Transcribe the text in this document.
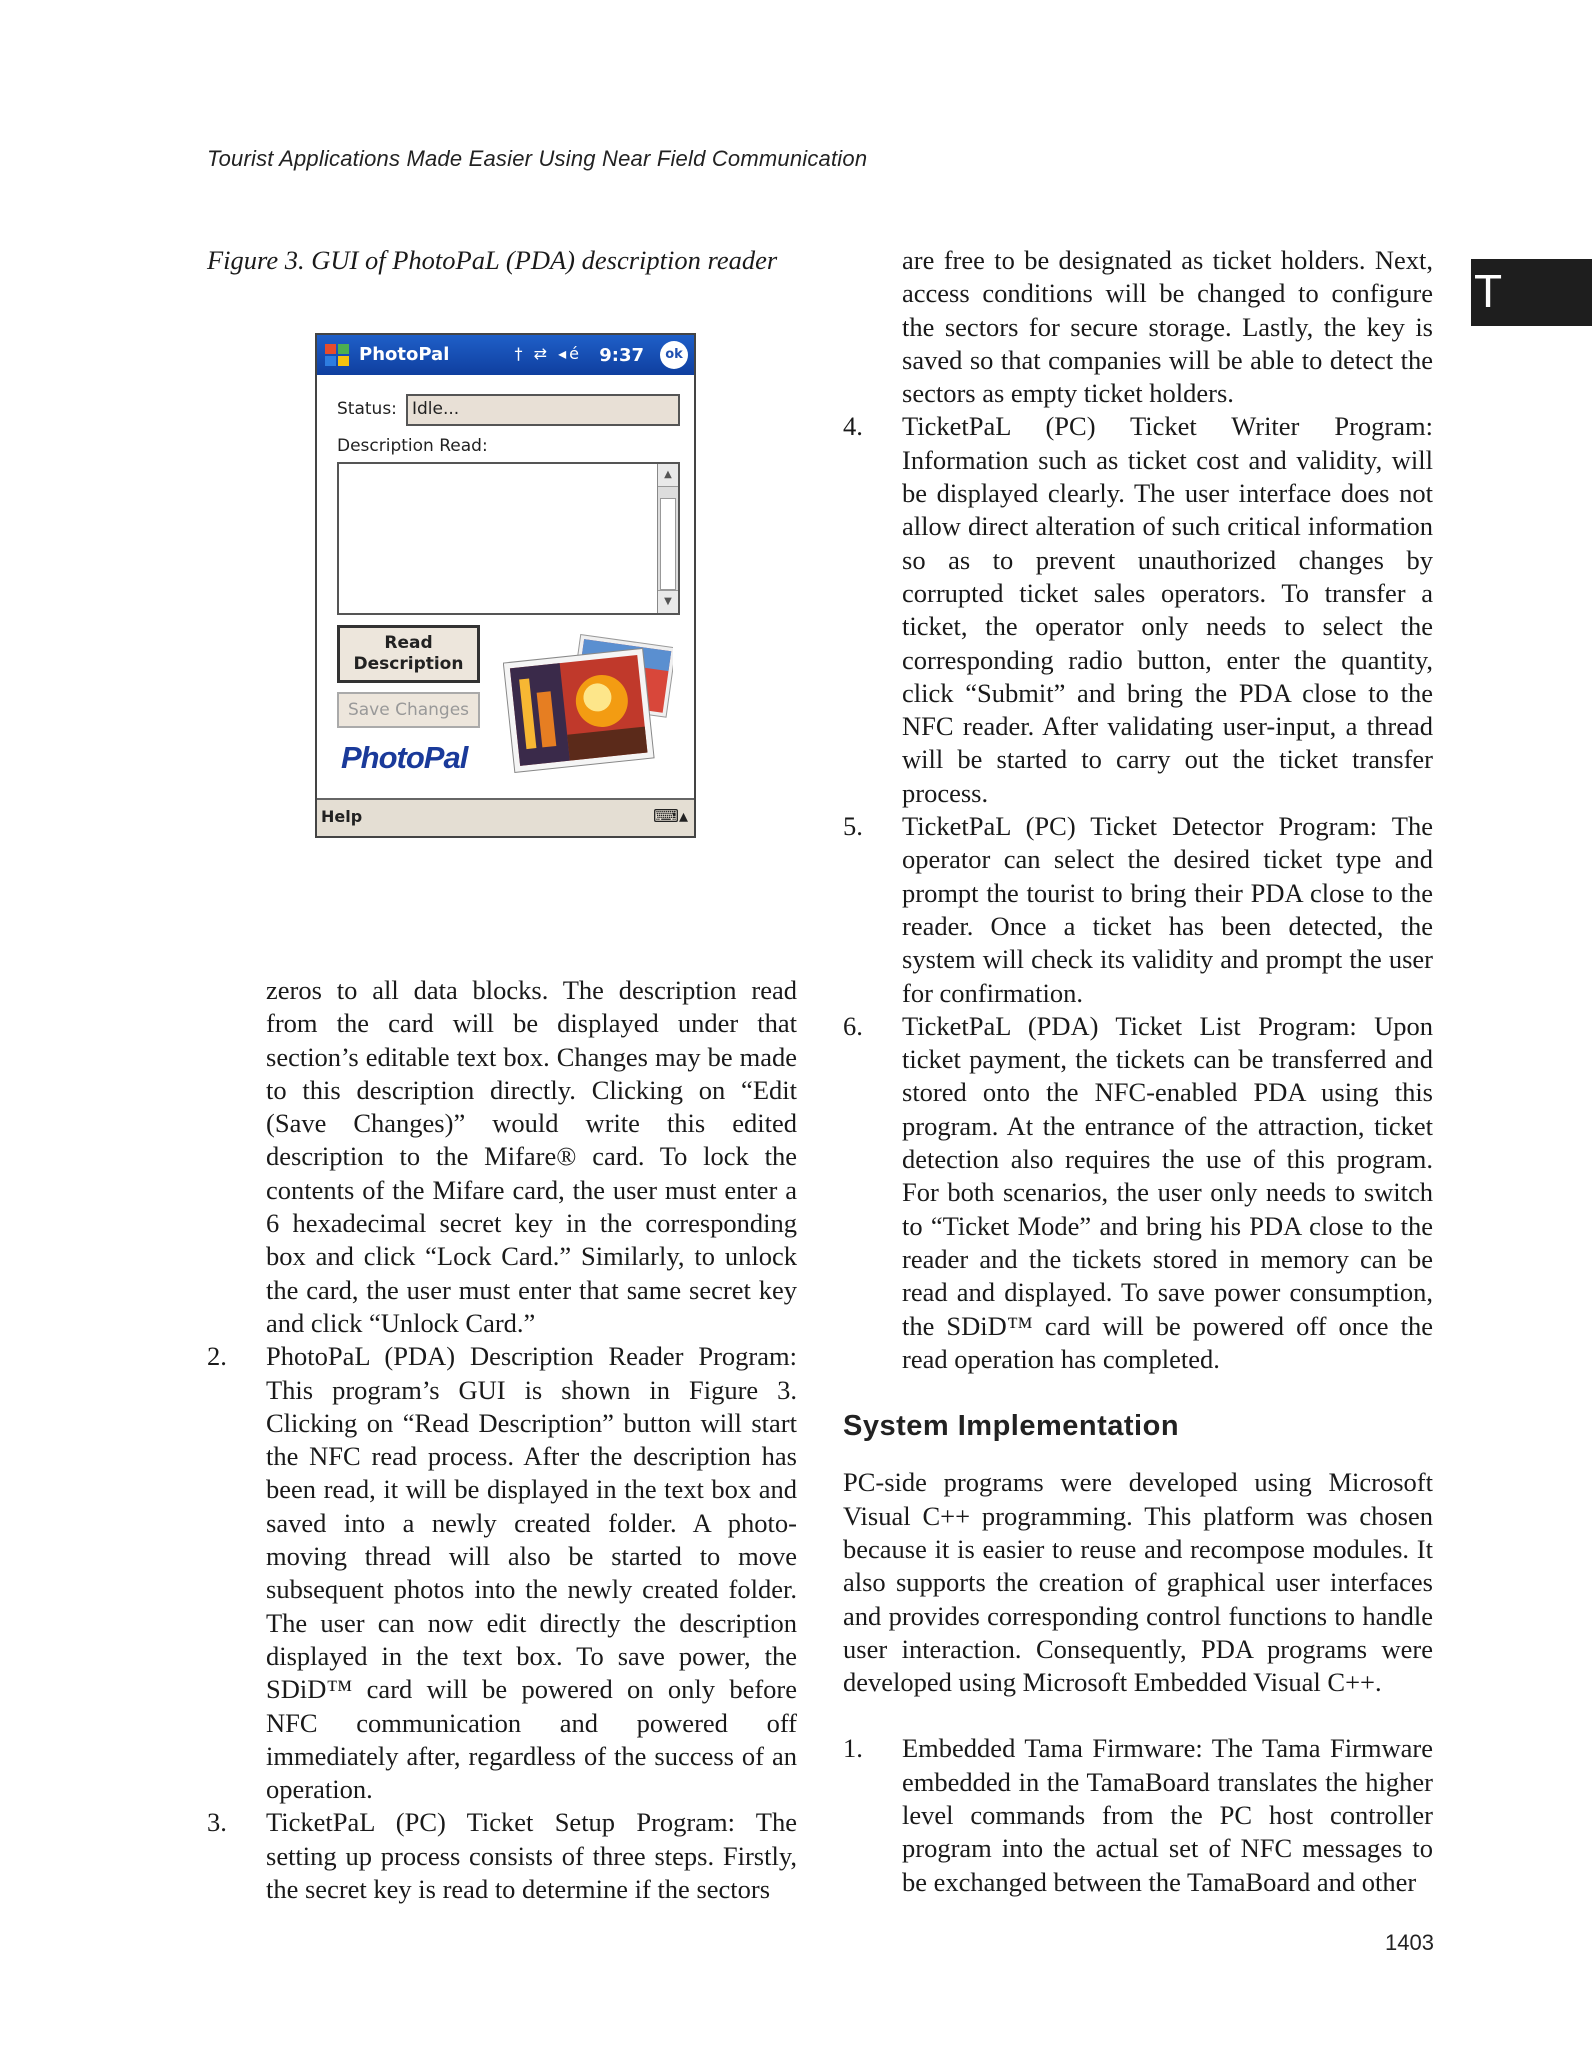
Tourist Applications Made Easier Using Near Field Communication
T
Figure 3. GUI of PhotoPaL (PDA) description reader
PhotoPal	† ⇄ ◂é 9:37	ok
Status: Idle...
Description Read:
▲
▼
Read Description
Save Changes
PhotoPal
Help	⌨▴

zeros to all data blocks. The description read from the card will be displayed under that section’s editable text box. Changes may be made to this description directly. Clicking on “Edit (Save Changes)” would write this edited description to the Mifare® card. To lock the contents of the Mifare card, the user must enter a 6 hexadecimal secret key in the corresponding box and click “Lock Card.” Similarly, to unlock the card, the user must enter that same secret key and click “Unlock Card.”

2. PhotoPaL (PDA) Description Reader Program: This program’s GUI is shown in Figure 3. Clicking on “Read Description” button will start the NFC read process. After the description has been read, it will be displayed in the text box and saved into a newly created folder. A photo-moving thread will also be started to move subsequent photos into the newly created folder. The user can now edit directly the description displayed in the text box. To save power, the SDiD™ card will be powered on only before NFC communication and powered off immediately after, regardless of the success of an operation.
3. TicketPaL (PC) Ticket Setup Program: The setting up process consists of three steps. Firstly, the secret key is read to determine if the sectors

are free to be designated as ticket holders. Next, access conditions will be changed to configure the sectors for secure storage. Lastly, the key is saved so that companies will be able to detect the sectors as empty ticket holders.

4. TicketPaL (PC) Ticket Writer Program: Information such as ticket cost and validity, will be displayed clearly. The user interface does not allow direct alteration of such critical information so as to prevent unauthorized changes by corrupted ticket sales operators. To transfer a ticket, the operator only needs to select the corresponding radio button, enter the quantity, click “Submit” and bring the PDA close to the NFC reader. After validating user-input, a thread will be started to carry out the ticket transfer process.
5. TicketPaL (PC) Ticket Detector Program: The operator can select the desired ticket type and prompt the tourist to bring their PDA close to the reader. Once a ticket has been detected, the system will check its validity and prompt the user for confirmation.
6. TicketPaL (PDA) Ticket List Program: Upon ticket payment, the tickets can be transferred and stored onto the NFC-enabled PDA using this program. At the entrance of the attraction, ticket detection also requires the use of this program. For both scenarios, the user only needs to switch to “Ticket Mode” and bring his PDA close to the reader and the tickets stored in memory can be read and displayed. To save power consumption, the SDiD™ card will be powered off once the read operation has completed.
System Implementation

PC-side programs were developed using Microsoft Visual C++ programming. This platform was chosen because it is easier to reuse and recompose modules. It also supports the creation of graphical user interfaces and provides corresponding control functions to handle user interaction. Consequently, PDA programs were developed using Microsoft Embedded Visual C++.

1. Embedded Tama Firmware: The Tama Firmware embedded in the TamaBoard translates the higher level commands from the PC host controller program into the actual set of NFC messages to be exchanged between the TamaBoard and other
1403
